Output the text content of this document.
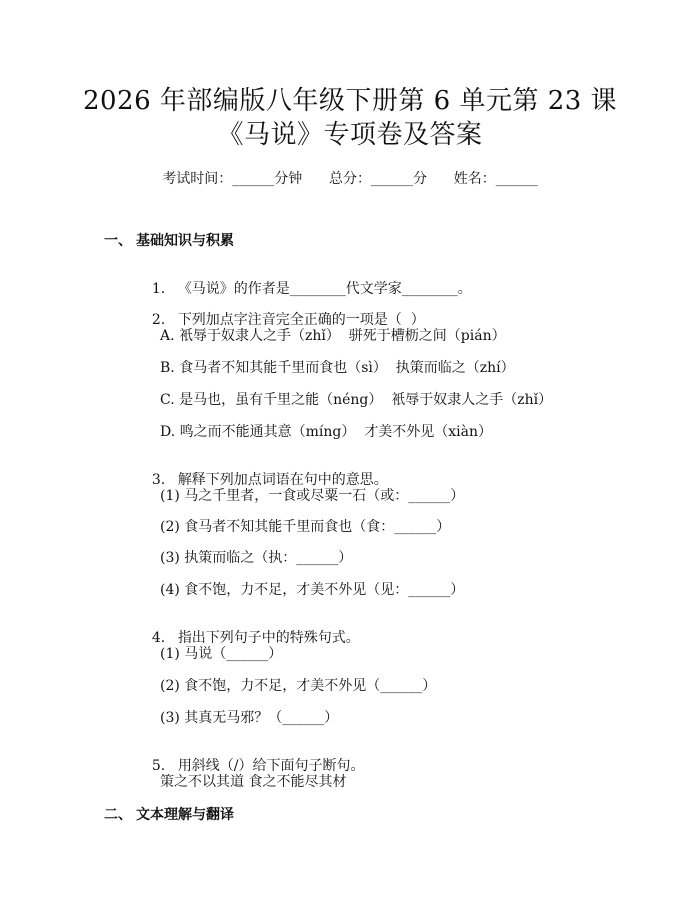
2026 年部编版八年级下册第 6 单元第 23 课
《马说》专项卷及答案
考试时间：______分钟      总分：______分      姓名：______
一、 基础知识与积累

1. 《马说》的作者是________代文学家________。

2. 下列加点字注音完全正确的一项是（  ）

A. 衹辱于奴隶人之手（zhǐ）  骈死于槽枥之间（pián）
B. 食马者不知其能千里而食也（sì）  执策而临之（zhí）
C. 是马也，虽有千里之能（néng）  衹辱于奴隶人之手（zhǐ）
D. 鸣之而不能通其意（míng）  才美不外见（xiàn）

3. 解释下列加点词语在句中的意思。

(1) 马之千里者，一食或尽粟一石（或：______）
(2) 食马者不知其能千里而食也（食：______）
(3) 执策而临之（执：______）
(4) 食不饱，力不足，才美不外见（见：______）

4. 指出下列句子中的特殊句式。

(1) 马说（______）
(2) 食不饱，力不足，才美不外见（______）
(3) 其真无马邪？（______）

5. 用斜线（/）给下面句子断句。

策之不以其道 食之不能尽其材
二、 文本理解与翻译
